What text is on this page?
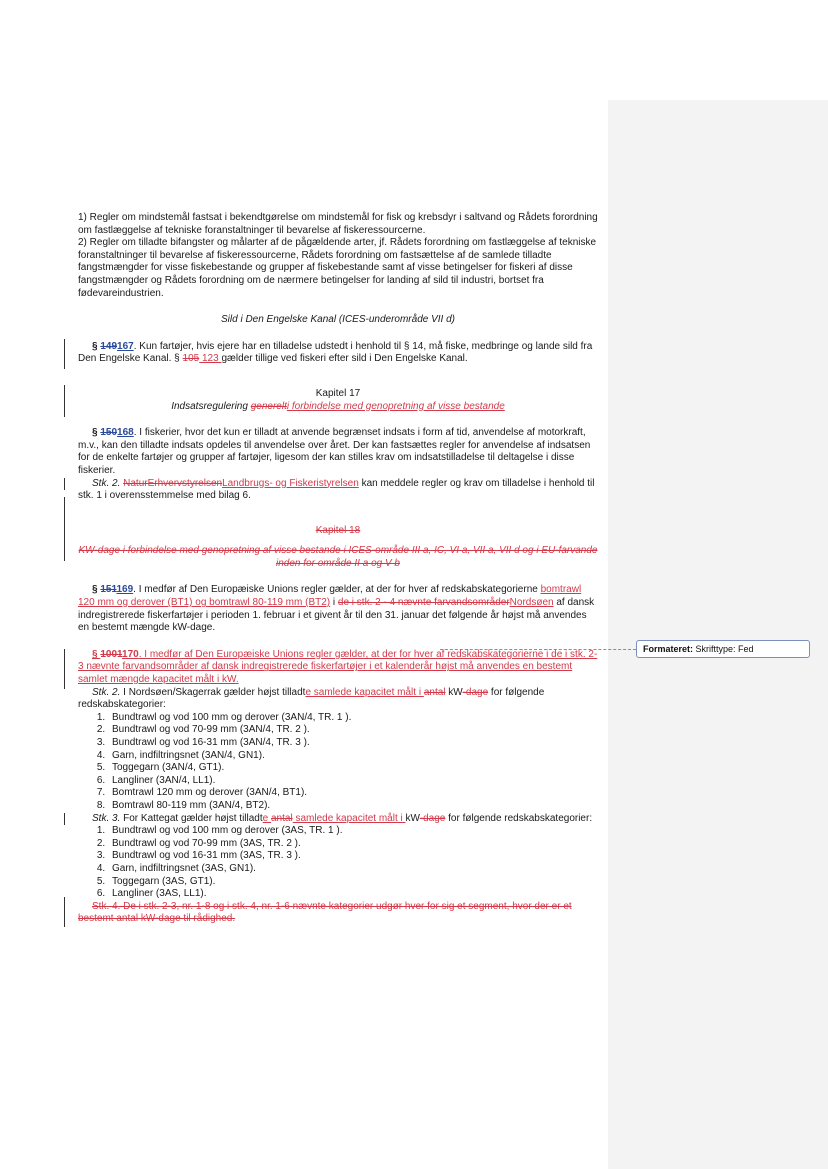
Formateret: Skrifttype: Fed

1) Regler om mindstemål fastsat i bekendtgørelse om mindstemål for fisk og krebsdyr i saltvand og Rådets forordning om fastlæggelse af tekniske foranstaltninger til bevarelse af fiskeressourcerne.

2) Regler om tilladte bifangster og målarter af de pågældende arter, jf. Rådets forordning om fastlæggelse af tekniske foranstaltninger til bevarelse af fiskeressourcerne, Rådets forordning om fastsættelse af de samlede tilladte fangstmængder for visse fiskebestande og grupper af fiskebestande samt af visse betingelser for fiskeri af disse fangstmængder og Rådets forordning om de nærmere betingelser for landing af sild til industri, bortset fra fødevareindustrien.

Sild i Den Engelske Kanal (ICES-underområde VII d)

§ 149167. Kun fartøjer, hvis ejere har en tilladelse udstedt i henhold til § 14, må fiske, medbringe og lande sild fra Den Engelske Kanal. § 105 123 gælder tillige ved fiskeri efter sild i Den Engelske Kanal.

Kapitel 17

Indsatsregulering generelti forbindelse med genopretning af visse bestande

§ 150168. I fiskerier, hvor det kun er tilladt at anvende begrænset indsats i form af tid, anvendelse af motorkraft, m.v., kan den tilladte indsats opdeles til anvendelse over året. Der kan fastsættes regler for anvendelse af indsatsen for de enkelte fartøjer og grupper af fartøjer, ligesom der kan stilles krav om indsatstilladelse til deltagelse i disse fiskerier.

Stk. 2. NaturErhvervstyrelsenLandbrugs- og Fiskeristyrelsen kan meddele regler og krav om tilladelse i henhold til stk. 1 i overensstemmelse med bilag 6.

Kapitel 18

KW-dage i forbindelse med genopretning af visse bestande i ICES-område III a, IC, VI a, VII a, VII d og i EU-farvande inden for område II a og V b

§ 151169. I medfør af Den Europæiske Unions regler gælder, at der for hver af redskabskategorierne bomtrawl 120 mm og derover (BT1) og bomtrawl 80-119 mm (BT2) i de i stk. 2 - 4 nævnte farvandsområderNordsøen af dansk indregistrerede fiskerfartøjer i perioden 1. februar i et givent år til den 31. januar det følgende år højst må anvendes en bestemt mængde kW-dage.

§ 1001170. I medfør af Den Europæiske Unions regler gælder, at der for hver af redskabskategorierne i de i stk. 2-3 nævnte farvandsområder af dansk indregistrerede fiskerfartøjer i et kalenderår højst må anvendes en bestemt samlet mængde kapacitet målt i kW.

Stk. 2. I Nordsøen/Skagerrak gælder højst tilladte samlede kapacitet målt i antal kW-dage for følgende redskabskategorier:

1. Bundtrawl og vod 100 mm og derover (3AN/4, TR. 1 ).
2. Bundtrawl og vod 70-99 mm (3AN/4, TR. 2 ).
3. Bundtrawl og vod 16-31 mm (3AN/4, TR. 3 ).
4. Garn, indfiltringsnet (3AN/4, GN1).
5. Toggegarn (3AN/4, GT1).
6. Langliner (3AN/4, LL1).
7. Bomtrawl 120 mm og derover (3AN/4, BT1).
8. Bomtrawl 80-119 mm (3AN/4, BT2).

Stk. 3. For Kattegat gælder højst tilladte antal samlede kapacitet målt i kW-dage for følgende redskabskategorier:

1. Bundtrawl og vod 100 mm og derover (3AS, TR. 1 ).
2. Bundtrawl og vod 70-99 mm (3AS, TR. 2 ).
3. Bundtrawl og vod 16-31 mm (3AS, TR. 3 ).
4. Garn, indfiltringsnet (3AS, GN1).
5. Toggegarn (3AS, GT1).
6. Langliner (3AS, LL1).

Stk. 4. De i stk. 2-3, nr. 1-8 og i stk. 4, nr. 1-6 nævnte kategorier udgør hver for sig et segment, hvor der er et bestemt antal kW-dage til rådighed.
